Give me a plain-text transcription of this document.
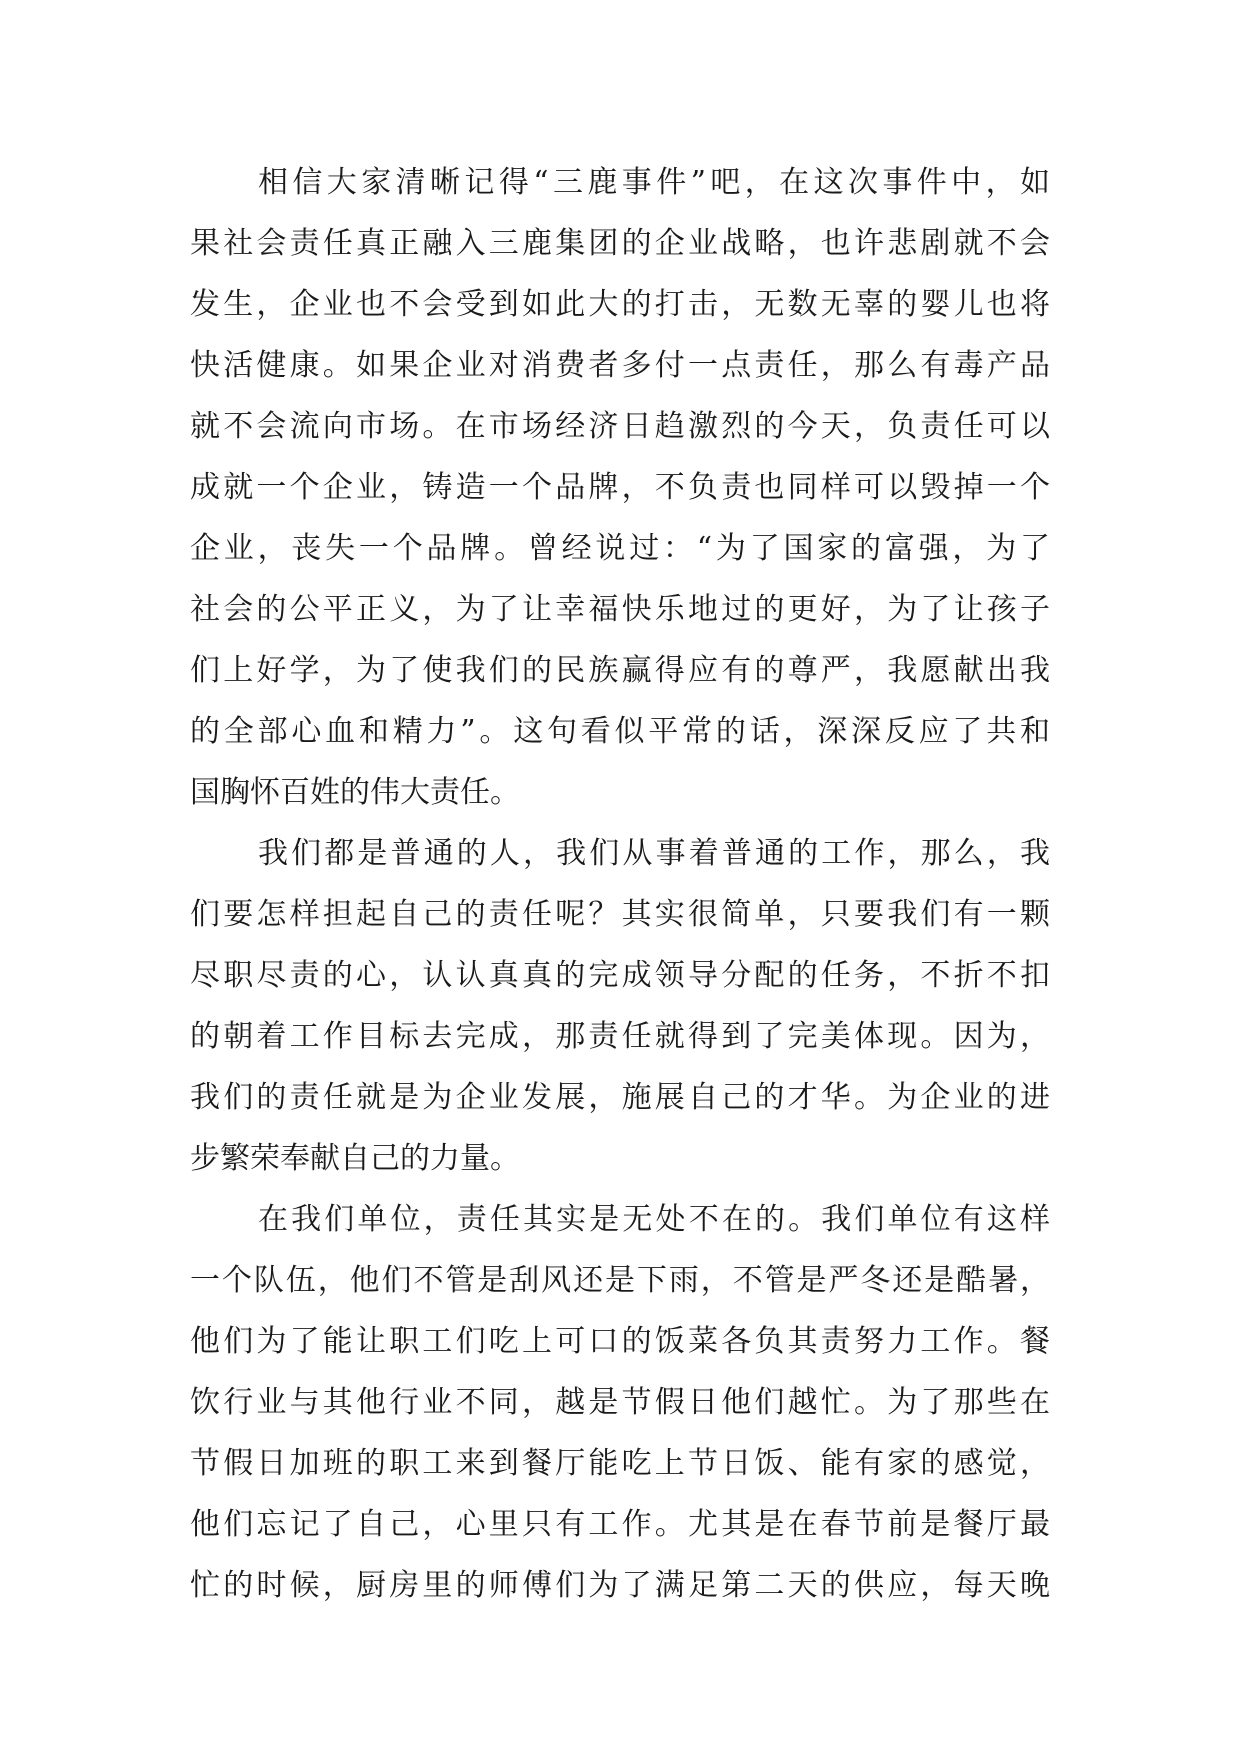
相信大家清晰记得“三鹿事件”吧，在这次事件中，如
果社会责任真正融入三鹿集团的企业战略，也许悲剧就不会
发生，企业也不会受到如此大的打击，无数无辜的婴儿也将
快活健康。如果企业对消费者多付一点责任，那么有毒产品
就不会流向市场。在市场经济日趋激烈的今天，负责任可以
成就一个企业，铸造一个品牌，不负责也同样可以毁掉一个
企业，丧失一个品牌。曾经说过：“为了国家的富强，为了
社会的公平正义，为了让幸福快乐地过的更好，为了让孩子
们上好学，为了使我们的民族赢得应有的尊严，我愿献出我
的全部心血和精力”。这句看似平常的话，深深反应了共和
国胸怀百姓的伟大责任。
我们都是普通的人，我们从事着普通的工作，那么，我
们要怎样担起自己的责任呢？其实很简单，只要我们有一颗
尽职尽责的心，认认真真的完成领导分配的任务，不折不扣
的朝着工作目标去完成，那责任就得到了完美体现。因为，
我们的责任就是为企业发展，施展自己的才华。为企业的进
步繁荣奉献自己的力量。
在我们单位，责任其实是无处不在的。我们单位有这样
一个队伍，他们不管是刮风还是下雨，不管是严冬还是酷暑，
他们为了能让职工们吃上可口的饭菜各负其责努力工作。餐
饮行业与其他行业不同，越是节假日他们越忙。为了那些在
节假日加班的职工来到餐厅能吃上节日饭、能有家的感觉，
他们忘记了自己，心里只有工作。尤其是在春节前是餐厅最
忙的时候，厨房里的师傅们为了满足第二天的供应，每天晚
